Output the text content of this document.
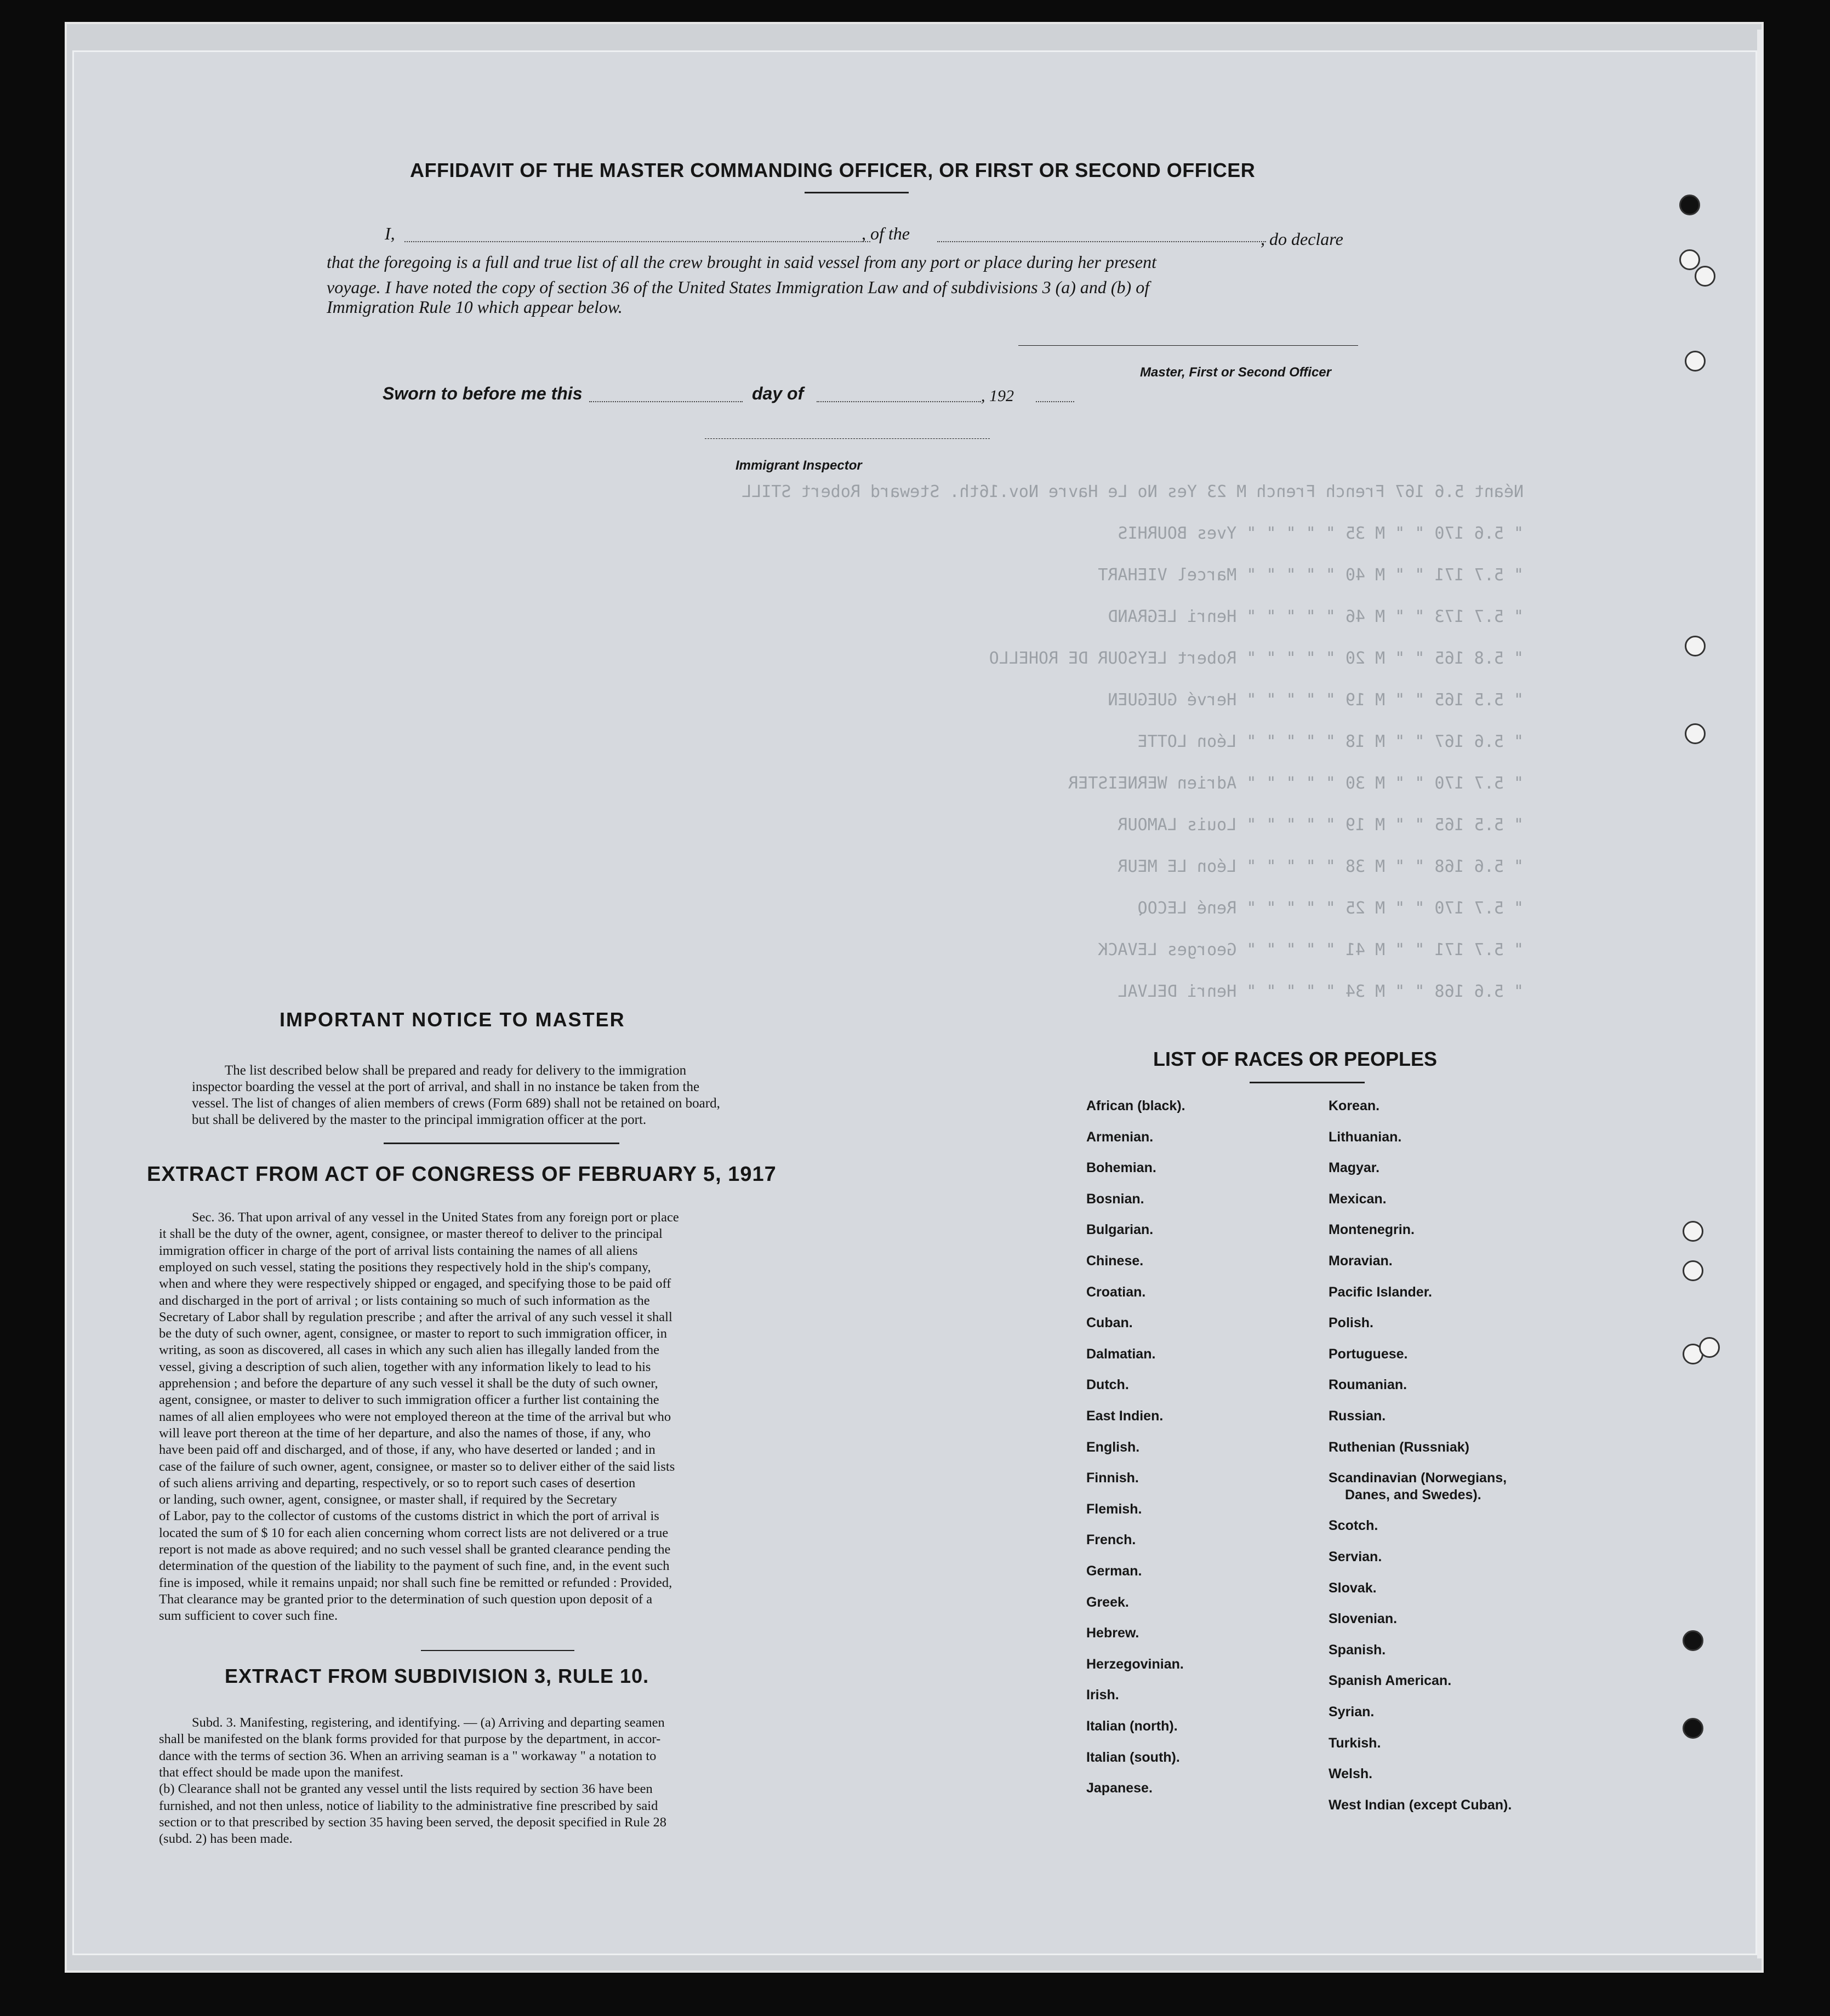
Néant 5.6 167 French French M 23 Yes No Le Havre Nov.16th. Steward Robert STILL
" 5.6 170 " " M 35 " " " " " Yves BOURHIS
" 5.7 171 " " M 40 " " " " " Marcel VIEHART
" 5.7 173 " " M 46 " " " " " Henri LEGRAND
" 5.8 165 " " M 20 " " " " " Robert LEYSOUR DE ROHELLO
" 5.5 165 " " M 19 " " " " " Hervé GUEGUEN
" 5.6 167 " " M 18 " " " " " Léon LOTTE
" 5.7 170 " " M 30 " " " " " Adrien WERNEISTER
" 5.5 165 " " M 19 " " " " " Louis LAMOUR
" 5.6 168 " " M 38 " " " " " Léon LE MEUR
" 5.7 170 " " M 25 " " " " " René LECOQ
" 5.7 171 " " M 41 " " " " " Georges LEVACK
" 5.6 168 " " M 34 " " " " " Henri DELVAL
AFFIDAVIT OF THE MASTER COMMANDING OFFICER, OR FIRST OR SECOND OFFICER
I,	, of the	, do declare
that the foregoing is a full and true list of all the crew brought in said vessel from any port or place during her present
voyage. I have noted the copy of section 36 of the United States Immigration Law and of subdivisions 3 (a) and (b) of
Immigration Rule 10 which appear below.
Master, First or Second Officer
Sworn to before me this	day of	, 192
Immigrant Inspector
IMPORTANT NOTICE TO MASTER
The list described below shall be prepared and ready for delivery to the immigration
inspector boarding the vessel at the port of arrival, and shall in no instance be taken from the
vessel. The list of changes of alien members of crews (Form 689) shall not be retained on board,
but shall be delivered by the master to the principal immigration officer at the port.
EXTRACT FROM ACT OF CONGRESS OF FEBRUARY 5, 1917
Sec. 36. That upon arrival of any vessel in the United States from any foreign port or place
it shall be the duty of the owner, agent, consignee, or master thereof to deliver to the principal
immigration officer in charge of the port of arrival lists containing the names of all aliens
employed on such vessel, stating the positions they respectively hold in the ship's company,
when and where they were respectively shipped or engaged, and specifying those to be paid off
and discharged in the port of arrival ; or lists containing so much of such information as the
Secretary of Labor shall by regulation prescribe ; and after the arrival of any such vessel it shall
be the duty of such owner, agent, consignee, or master to report to such immigration officer, in
writing, as soon as discovered, all cases in which any such alien has illegally landed from the
vessel, giving a description of such alien, together with any information likely to lead to his
apprehension ; and before the departure of any such vessel it shall be the duty of such owner,
agent, consignee, or master to deliver to such immigration officer a further list containing the
names of all alien employees who were not employed thereon at the time of the arrival but who
will leave port thereon at the time of her departure, and also the names of those, if any, who
have been paid off and discharged, and of those, if any, who have deserted or landed ; and in
case of the failure of such owner, agent, consignee, or master so to deliver either of the said lists
of such aliens arriving and departing, respectively, or so to report such cases of desertion
or landing, such owner, agent, consignee, or master shall, if required by the Secretary
of Labor, pay to the collector of customs of the customs district in which the port of arrival is
located the sum of $ 10 for each alien concerning whom correct lists are not delivered or a true
report is not made as above required; and no such vessel shall be granted clearance pending the
determination of the question of the liability to the payment of such fine, and, in the event such
fine is imposed, while it remains unpaid; nor shall such fine be remitted or refunded : Provided,
That clearance may be granted prior to the determination of such question upon deposit of a
sum sufficient to cover such fine.
EXTRACT FROM SUBDIVISION 3, RULE 10.
Subd. 3. Manifesting, registering, and identifying. — (a) Arriving and departing seamen
shall be manifested on the blank forms provided for that purpose by the department, in accor-
dance with the terms of section 36. When an arriving seaman is a " workaway " a notation to
that effect should be made upon the manifest.
(b) Clearance shall not be granted any vessel until the lists required by section 36 have been
furnished, and not then unless, notice of liability to the administrative fine prescribed by said
section or to that prescribed by section 35 having been served, the deposit specified in Rule 28
(subd. 2) has been made.
LIST OF RACES OR PEOPLES
African (black).
Armenian.
Bohemian.
Bosnian.
Bulgarian.
Chinese.
Croatian.
Cuban.
Dalmatian.
Dutch.
East Indien.
English.
Finnish.
Flemish.
French.
German.
Greek.
Hebrew.
Herzegovinian.
Irish.
Italian (north).
Italian (south).
Japanese.
Korean.
Lithuanian.
Magyar.
Mexican.
Montenegrin.
Moravian.
Pacific Islander.
Polish.
Portuguese.
Roumanian.
Russian.
Ruthenian (Russniak)
Scandinavian (Norwegians,
Danes, and Swedes).
Scotch.
Servian.
Slovak.
Slovenian.
Spanish.
Spanish American.
Syrian.
Turkish.
Welsh.
West Indian (except Cuban).
